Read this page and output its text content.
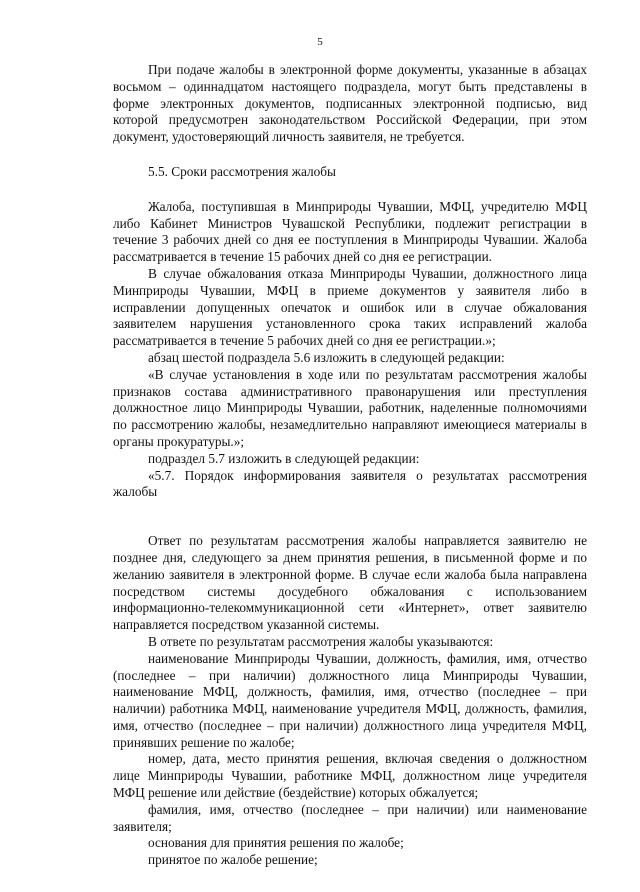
5

При подаче жалобы в электронной форме документы, указанные в абзацах восьмом – одиннадцатом настоящего подраздела, могут быть представлены в форме электронных документов, подписанных электронной подписью, вид которой предусмотрен законодательством Российской Федерации, при этом документ, удостоверяющий личность заявителя, не требуется.

5.5. Сроки рассмотрения жалобы

Жалоба, поступившая в Минприроды Чувашии, МФЦ, учредителю МФЦ либо Кабинет Министров Чувашской Республики, подлежит регистрации в течение 3 рабочих дней со дня ее поступления в Минприроды Чувашии. Жалоба рассматривается в течение 15 рабочих дней со дня ее регистрации.

В случае обжалования отказа Минприроды Чувашии, должностного лица Минприроды Чувашии, МФЦ в приеме документов у заявителя либо в исправлении допущенных опечаток и ошибок или в случае обжалования заявителем нарушения установленного срока таких исправлений жалоба рассматривается в течение 5 рабочих дней со дня ее регистрации.»;

абзац шестой подраздела 5.6 изложить в следующей редакции:

«В случае установления в ходе или по результатам рассмотрения жалобы признаков состава административного правонарушения или преступления должностное лицо Минприроды Чувашии, работник, наделенные полномочиями по рассмотрению жалобы, незамедлительно направляют имеющиеся материалы в органы прокуратуры.»;

подраздел 5.7 изложить в следующей редакции:

«5.7. Порядок информирования заявителя о результатах рассмотрения жалобы

Ответ по результатам рассмотрения жалобы направляется заявителю не позднее дня, следующего за днем принятия решения, в письменной форме и по желанию заявителя в электронной форме. В случае если жалоба была направлена посредством системы досудебного обжалования с использованием информационно-телекоммуникационной сети «Интернет», ответ заявителю направляется посредством указанной системы.

В ответе по результатам рассмотрения жалобы указываются:

наименование Минприроды Чувашии, должность, фамилия, имя, отчество (последнее – при наличии) должностного лица Минприроды Чувашии, наименование МФЦ, должность, фамилия, имя, отчество (последнее – при наличии) работника МФЦ, наименование учредителя МФЦ, должность, фамилия, имя, отчество (последнее – при наличии) должностного лица учредителя МФЦ, принявших решение по жалобе;

номер, дата, место принятия решения, включая сведения о должностном лице Минприроды Чувашии, работнике МФЦ, должностном лице учредителя МФЦ решение или действие (бездействие) которых обжалуется;

фамилия, имя, отчество (последнее – при наличии) или наименование заявителя;

основания для принятия решения по жалобе;

принятое по жалобе решение;
